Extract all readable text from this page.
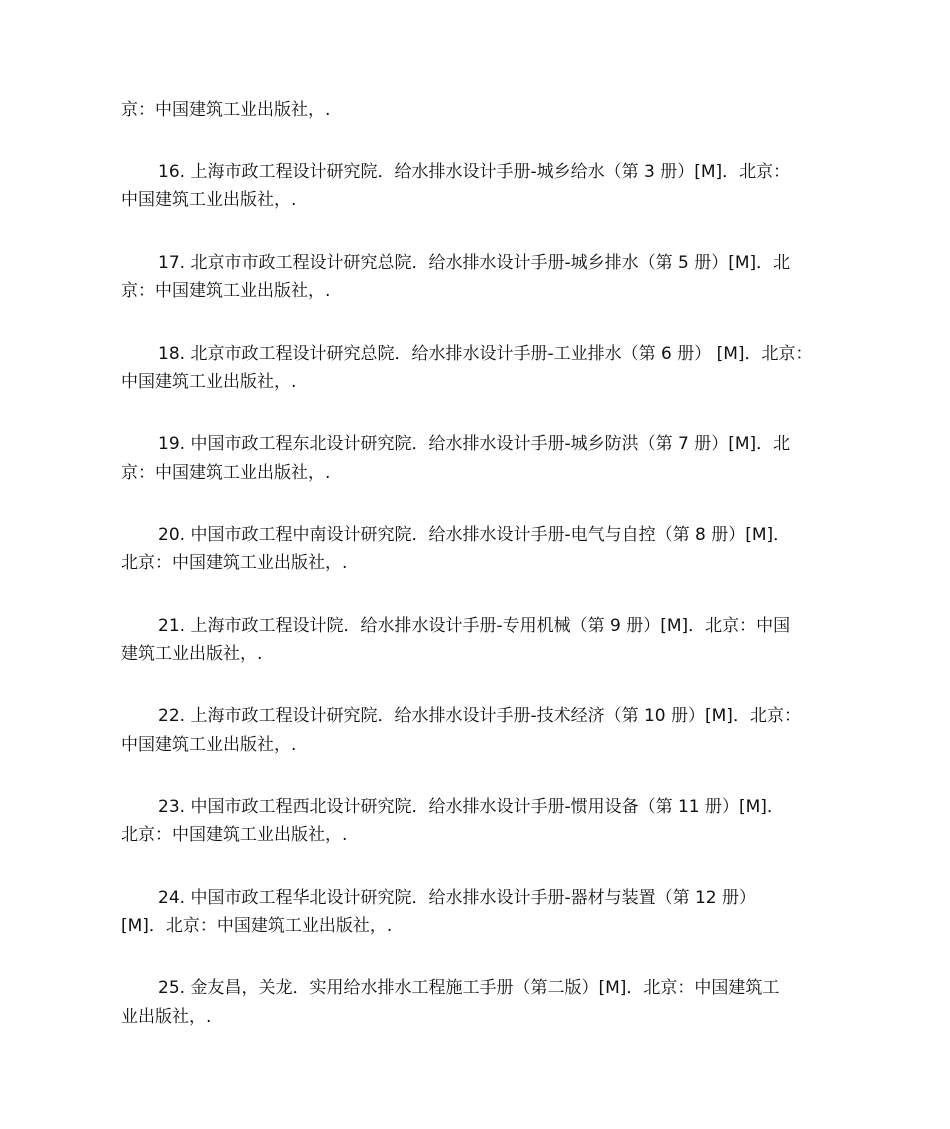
京：中国建筑工业出版社，.
16. 上海市政工程设计研究院．给水排水设计手册-城乡给水（第 3 册）[M]．北京：
中国建筑工业出版社，.
17. 北京市市政工程设计研究总院．给水排水设计手册-城乡排水（第 5 册）[M]．北
京：中国建筑工业出版社，.
18. 北京市政工程设计研究总院．给水排水设计手册-工业排水（第 6 册） [M]．北京：
中国建筑工业出版社，.
19. 中国市政工程东北设计研究院．给水排水设计手册-城乡防洪（第 7 册）[M]．北
京：中国建筑工业出版社，.
20. 中国市政工程中南设计研究院．给水排水设计手册-电气与自控（第 8 册）[M]．
北京：中国建筑工业出版社，.
21. 上海市政工程设计院．给水排水设计手册-专用机械（第 9 册）[M]．北京：中国
建筑工业出版社，.
22. 上海市政工程设计研究院．给水排水设计手册-技术经济（第 10 册）[M]．北京：
中国建筑工业出版社，.
23. 中国市政工程西北设计研究院．给水排水设计手册-惯用设备（第 11 册）[M]．
北京：中国建筑工业出版社，.
24. 中国市政工程华北设计研究院．给水排水设计手册-器材与装置（第 12 册）
[M]．北京：中国建筑工业出版社，.
25. 金友昌，关龙．实用给水排水工程施工手册（第二版）[M]．北京：中国建筑工
业出版社，.
